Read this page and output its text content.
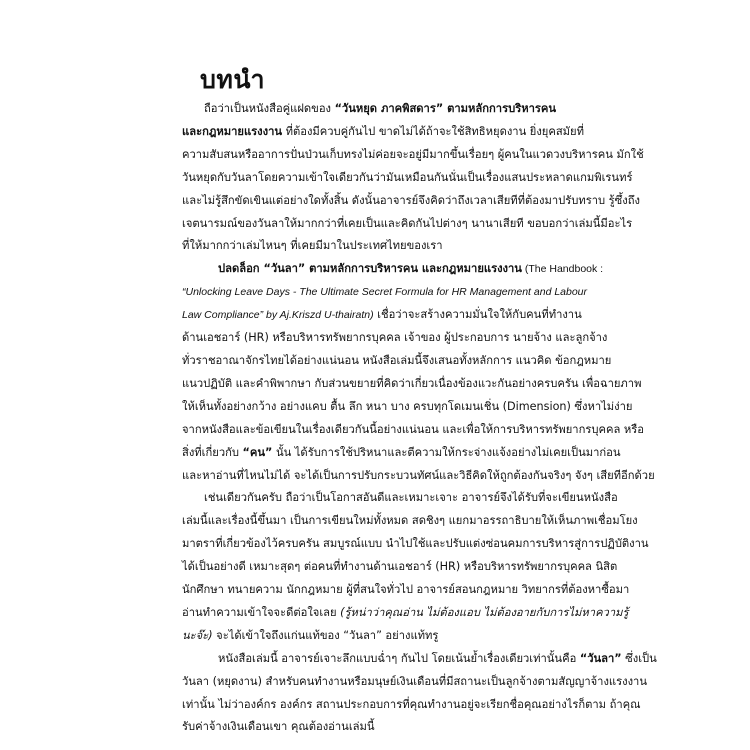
บทนำ
ถือว่าเป็นหนังสือคู่แฝดของ “วันหยุด ภาคพิสดาร” ตามหลักการบริหารคน
และกฎหมายแรงงาน ที่ต้องมีควบคู่กันไป ขาดไม่ได้ถ้าจะใช้สิทธิหยุดงาน ยิ่งยุคสมัยที่
ความสับสนหรืออาการปั่นป่วนเก็บทรงไม่ค่อยจะอยู่มีมากขึ้นเรื่อยๆ ผู้คนในแวดวงบริหารคน มักใช้
วันหยุดกับวันลาโดยความเข้าใจเดียวกันว่ามันเหมือนกันนั่นเป็นเรื่องแสนประหลาดแกมพิเรนทร์
และไม่รู้สึกขัดเขินแต่อย่างใดทั้งสิ้น ดังนั้นอาจารย์จึงคิดว่าถึงเวลาเสียทีที่ต้องมาปรับทราบ รู้ซึ้งถึง
เจตนารมณ์ของวันลาให้มากกว่าที่เคยเป็นและคิดกันไปต่างๆ นานาเสียที ขอบอกว่าเล่มนี้มีอะไร
ที่ให้มากกว่าเล่มไหนๆ ที่เคยมีมาในประเทศไทยของเรา
ปลดล็อก “วันลา” ตามหลักการบริหารคน และกฎหมายแรงงาน (The Handbook :
“Unlocking Leave Days - The Ultimate Secret Formula for HR Management and Labour
Law Compliance” by Aj.Kriszd U-thairatn) เชื่อว่าจะสร้างความมั่นใจให้กับคนที่ทำงาน
ด้านเอชอาร์ (HR) หรือบริหารทรัพยากรบุคคล เจ้าของ ผู้ประกอบการ นายจ้าง และลูกจ้าง
ทั่วราชอาณาจักรไทยได้อย่างแน่นอน หนังสือเล่มนี้จึงเสนอทั้งหลักการ แนวคิด ข้อกฎหมาย
แนวปฏิบัติ และคำพิพากษา กับส่วนขยายที่คิดว่าเกี่ยวเนื่องข้องแวะกันอย่างครบครัน เพื่อฉายภาพ
ให้เห็นทั้งอย่างกว้าง อย่างแคบ ตื้น ลึก หนา บาง ครบทุกโดเมนเชิ่น (Dimension) ซึ่งหาไม่ง่าย
จากหนังสือและข้อเขียนในเรื่องเดียวกันนี้อย่างแน่นอน และเพื่อให้การบริหารทรัพยากรบุคคล หรือ
สิ่งที่เกี่ยวกับ “คน” นั้น ได้รับการใช้ปริหนาและตีความให้กระจ่างแจ้งอย่างไม่เคยเป็นมาก่อน
และหาอ่านที่ไหนไม่ได้ จะได้เป็นการปรับกระบวนทัศน์และวิธีคิดให้ถูกต้องกันจริงๆ จังๆ เสียทีอีกด้วย
เช่นเดียวกันครับ ถือว่าเป็นโอกาสอันดีและเหมาะเจาะ อาจารย์จึงได้รับที่จะเขียนหนังสือ
เล่มนี้และเรื่องนี้ขึ้นมา เป็นการเขียนใหม่ทั้งหมด สดชิงๆ แยกมาอรรถาธิบายให้เห็นภาพเชื่อมโยง
มาตราที่เกี่ยวข้องไว้ครบครัน สมบูรณ์แบบ นำไปใช้และปรับแต่งซ่อนคมการบริหารสู่การปฏิบัติงาน
ได้เป็นอย่างดี เหมาะสุดๆ ต่อคนที่ทำงานด้านเอชอาร์ (HR) หรือบริหารทรัพยากรบุคคล นิสิต
นักศึกษา ทนายความ นักกฎหมาย ผู้ที่สนใจทั่วไป อาจารย์สอนกฎหมาย วิทยากรที่ต้องหาซื้อมา
อ่านทำความเข้าใจจะดีต่อใจเลย (รู้หน่าว่าคุณอ่าน ไม่ต้องแอบ ไม่ต้องอายกับการไม่หาความรู้
นะจ๊ะ) จะได้เข้าใจถึงแก่นแท้ของ “วันลา” อย่างแท้ทรู
หนังสือเล่มนี้ อาจารย์เจาะลึกแบบฉ่ำๆ กันไป โดยเน้นย้ำเรื่องเดียวเท่านั้นคือ “วันลา” ซึ่งเป็น
วันลา (หยุดงาน) สำหรับคนทำงานหรือมนุษย์เงินเดือนที่มีสถานะเป็นลูกจ้างตามสัญญาจ้างแรงงาน
เท่านั้น ไม่ว่าองค์กร องค์กร สถานประกอบการที่คุณทำงานอยู่จะเรียกชื่อคุณอย่างไรก็ตาม ถ้าคุณ
รับค่าจ้างเงินเดือนเขา คุณต้องอ่านเล่มนี้
